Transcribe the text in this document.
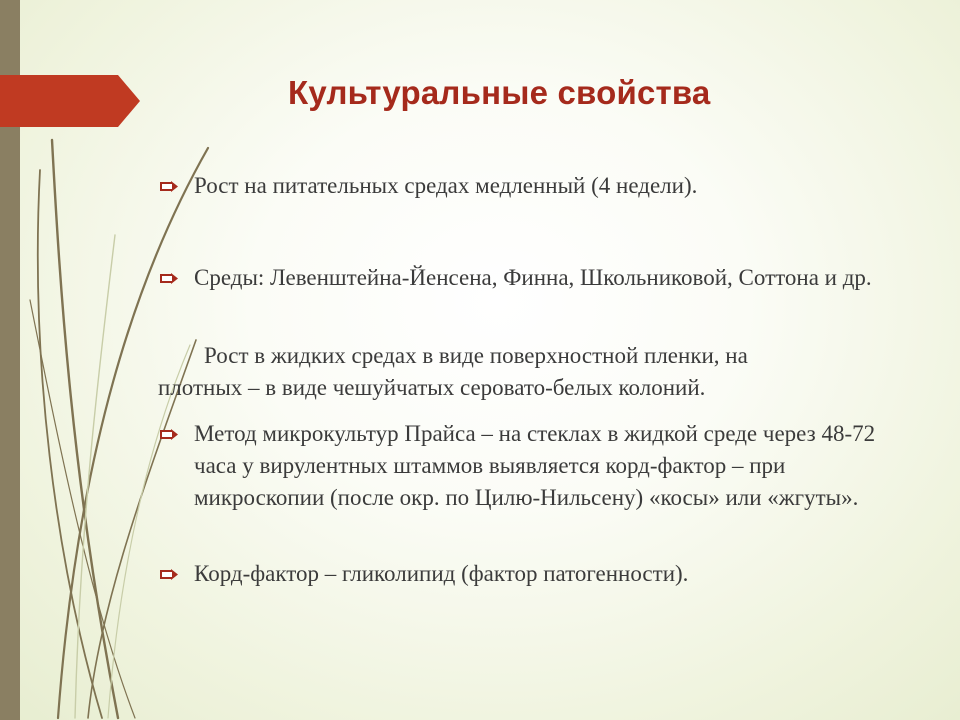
Культуральные свойства
Рост на питательных средах медленный (4 недели).
Среды: Левенштейна-Йенсена, Финна, Школьниковой, Соттона и др.
Рост в жидких средах в виде поверхностной пленки, на
плотных – в виде чешуйчатых серовато-белых колоний.
Метод микрокультур Прайса – на стеклах в жидкой среде через 48-72 часа у вирулентных штаммов выявляется корд-фактор – при микроскопии (после окр. по Цилю-Нильсену) «косы» или «жгуты».
Корд-фактор – гликолипид (фактор патогенности).
